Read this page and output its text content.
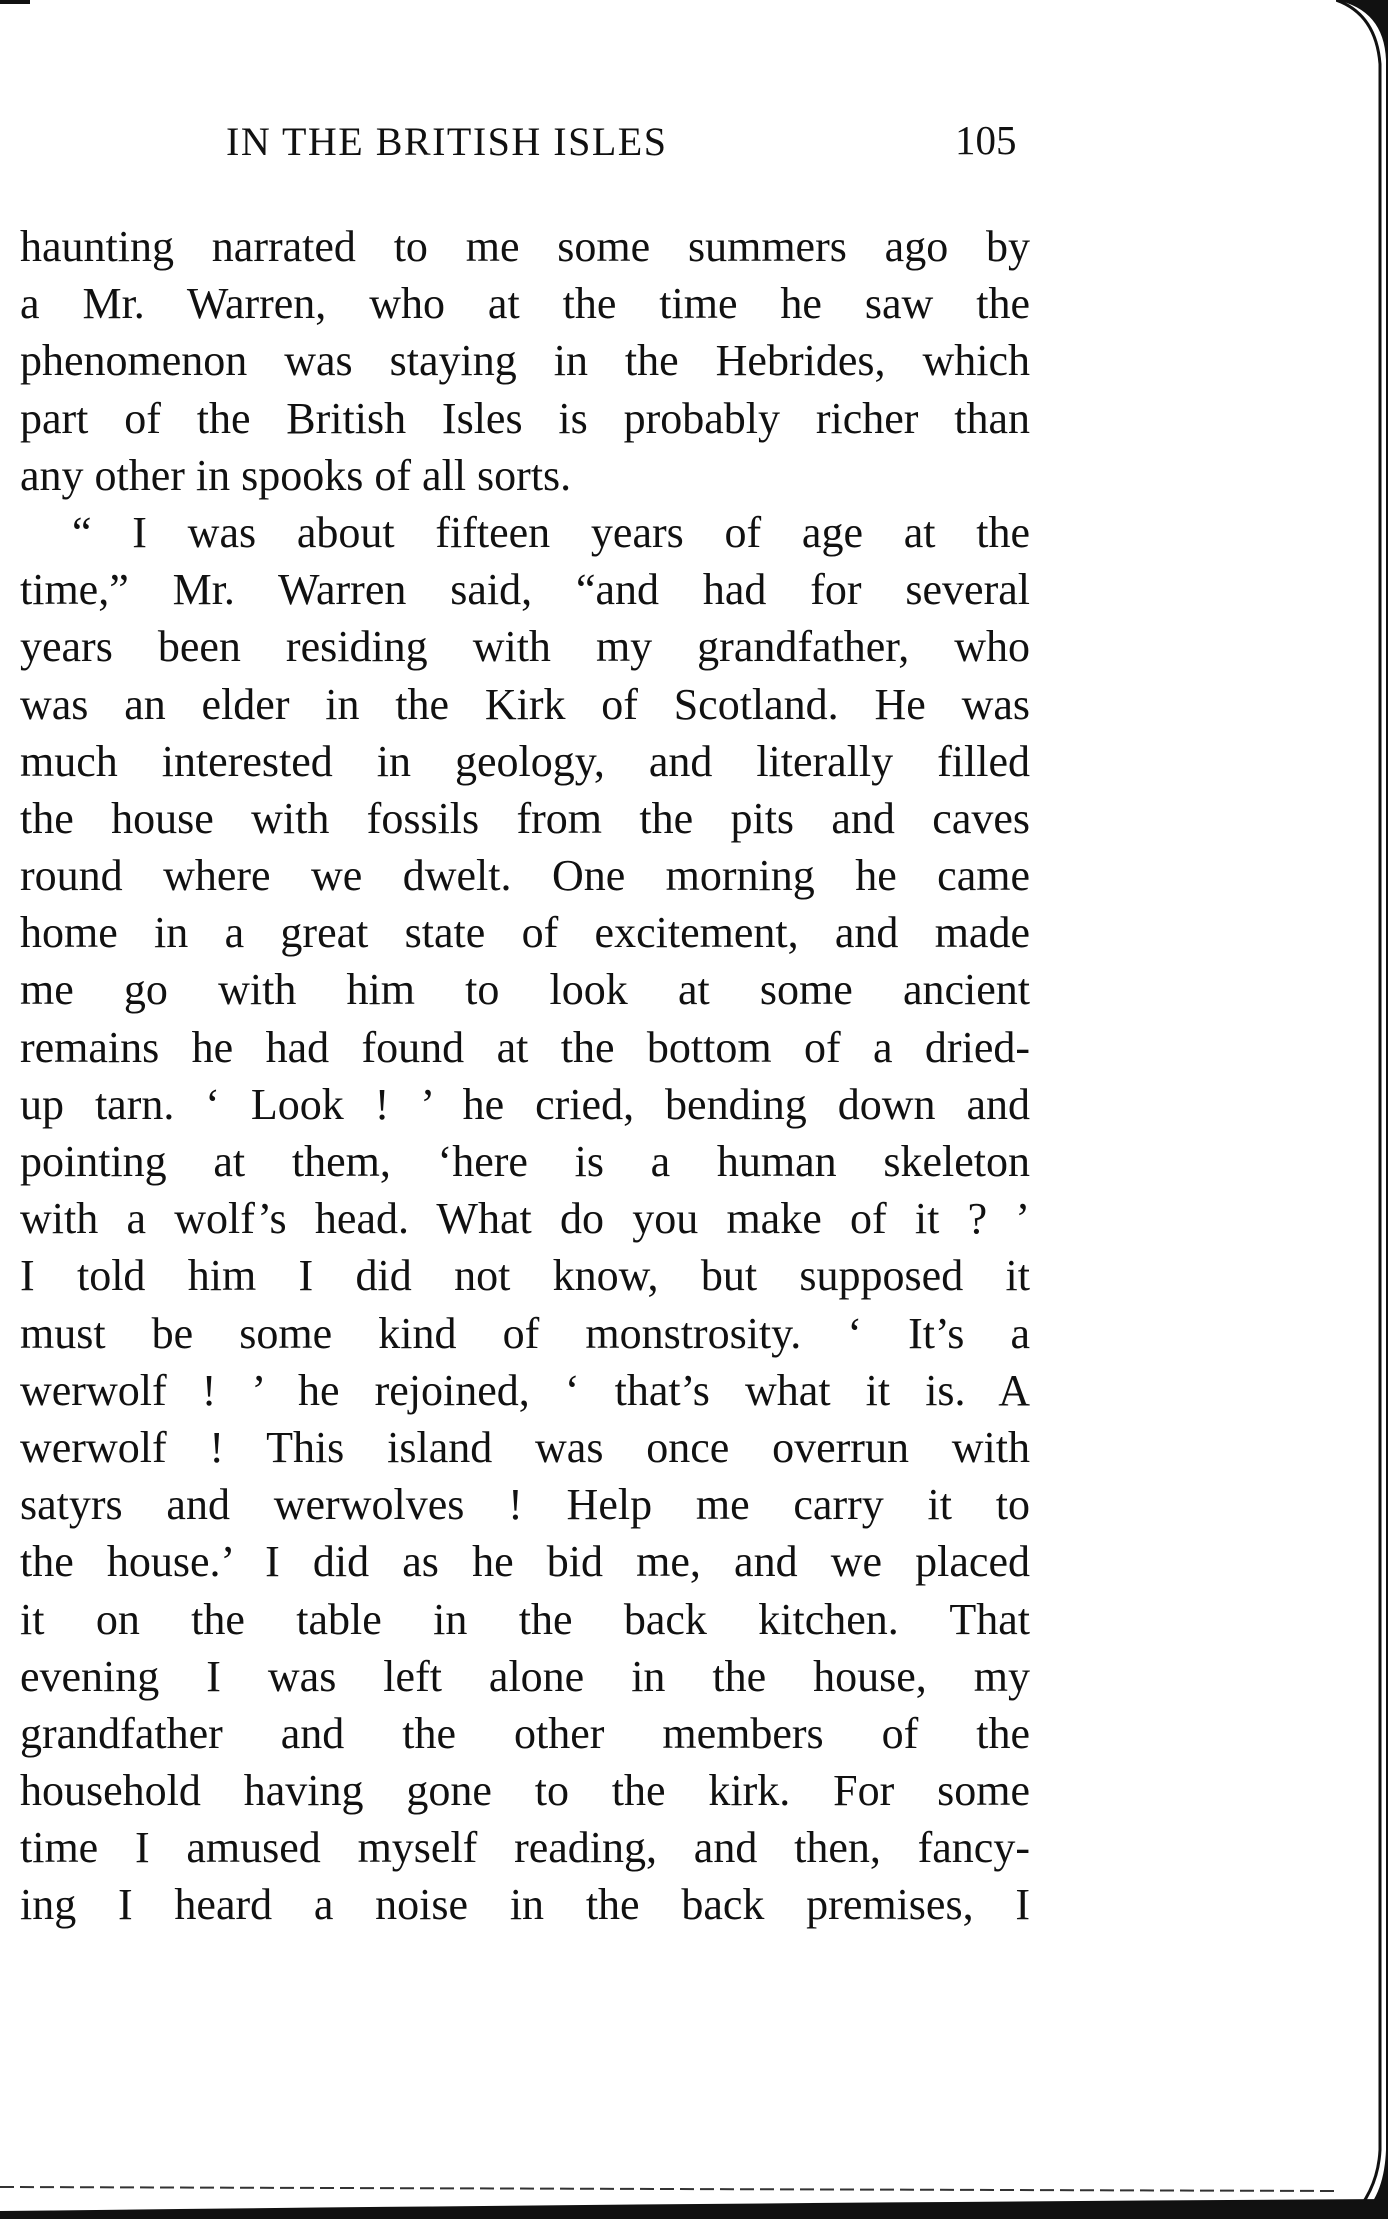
IN THE BRITISH ISLES	105
haunting narrated to me some summers ago by
a Mr. Warren, who at the time he saw the
phenomenon was staying in the Hebrides, which
part of the British Isles is probably richer than
any other in spooks of all sorts.
“ I was about fifteen years of age at the
time,” Mr. Warren said, “and had for several
years been residing with my grandfather, who
was an elder in the Kirk of Scotland. He was
much interested in geology, and literally filled
the house with fossils from the pits and caves
round where we dwelt. One morning he came
home in a great state of excitement, and made
me go with him to look at some ancient
remains he had found at the bottom of a dried-
up tarn. ‘ Look ! ’ he cried, bending down and
pointing at them, ‘here is a human skeleton
with a wolf’s head. What do you make of it ? ’
I told him I did not know, but supposed it
must be some kind of monstrosity. ‘ It’s a
werwolf ! ’ he rejoined, ‘ that’s what it is. A
werwolf ! This island was once overrun with
satyrs and werwolves ! Help me carry it to
the house.’ I did as he bid me, and we placed
it on the table in the back kitchen. That
evening I was left alone in the house, my
grandfather and the other members of the
household having gone to the kirk. For some
time I amused myself reading, and then, fancy-
ing I heard a noise in the back premises, I
